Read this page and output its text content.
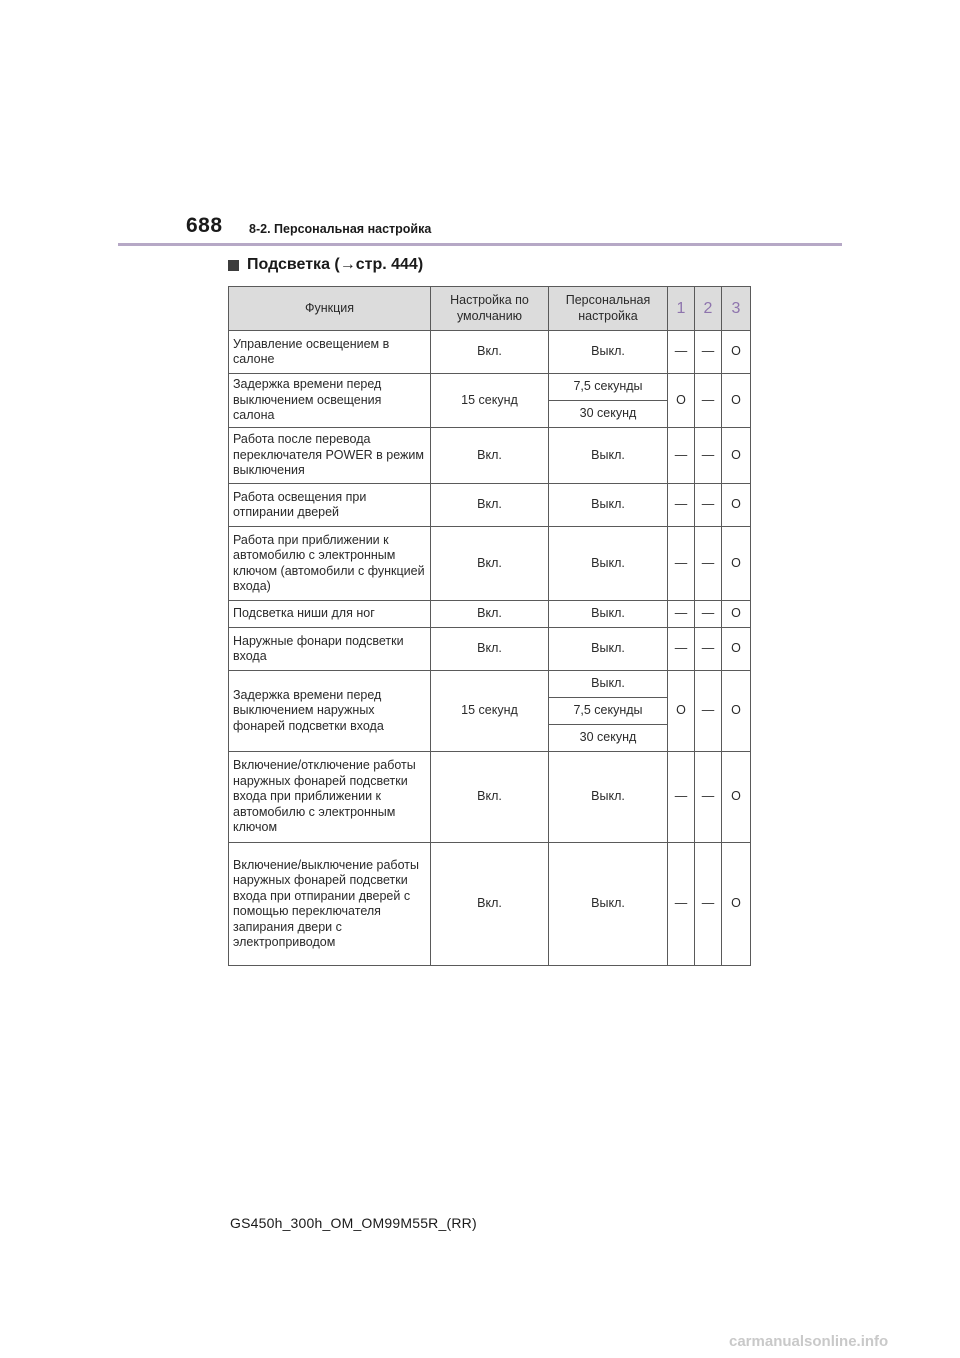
688 8-2. Персональная настройка
Подсветка (→стр. 444)
Функция	Настройка по умолчанию	Персональная настройка	1	2	3
Управление освещением в салоне	Вкл.	Выкл.	—	—	O
Задержка времени перед выключением освещения салона	15 секунд	7,5 секунды	O	—	O
		30 секунд			
Работа после перевода переключателя POWER в режим выключения	Вкл.	Выкл.	—	—	O
Работа освещения при отпирании дверей	Вкл.	Выкл.	—	—	O
Работа при приближении к автомобилю с электронным ключом (автомобили с функцией входа)	Вкл.	Выкл.	—	—	O
Подсветка ниши для ног	Вкл.	Выкл.	—	—	O
Наружные фонари подсветки входа	Вкл.	Выкл.	—	—	O
Задержка времени перед выключением наружных фонарей подсветки входа	15 секунд	Выкл.	O	—	O
		7,5 секунды			
		30 секунд			
Включение/отключение работы наружных фонарей подсветки входа при приближении к автомобилю с электронным ключом	Вкл.	Выкл.	—	—	O
Включение/выключение работы наружных фонарей подсветки входа при отпирании дверей с помощью переключателя запирания двери с электроприводом	Вкл.	Выкл.	—	—	O
GS450h_300h_OM_OM99M55R_(RR)
carmanualsonline.info
